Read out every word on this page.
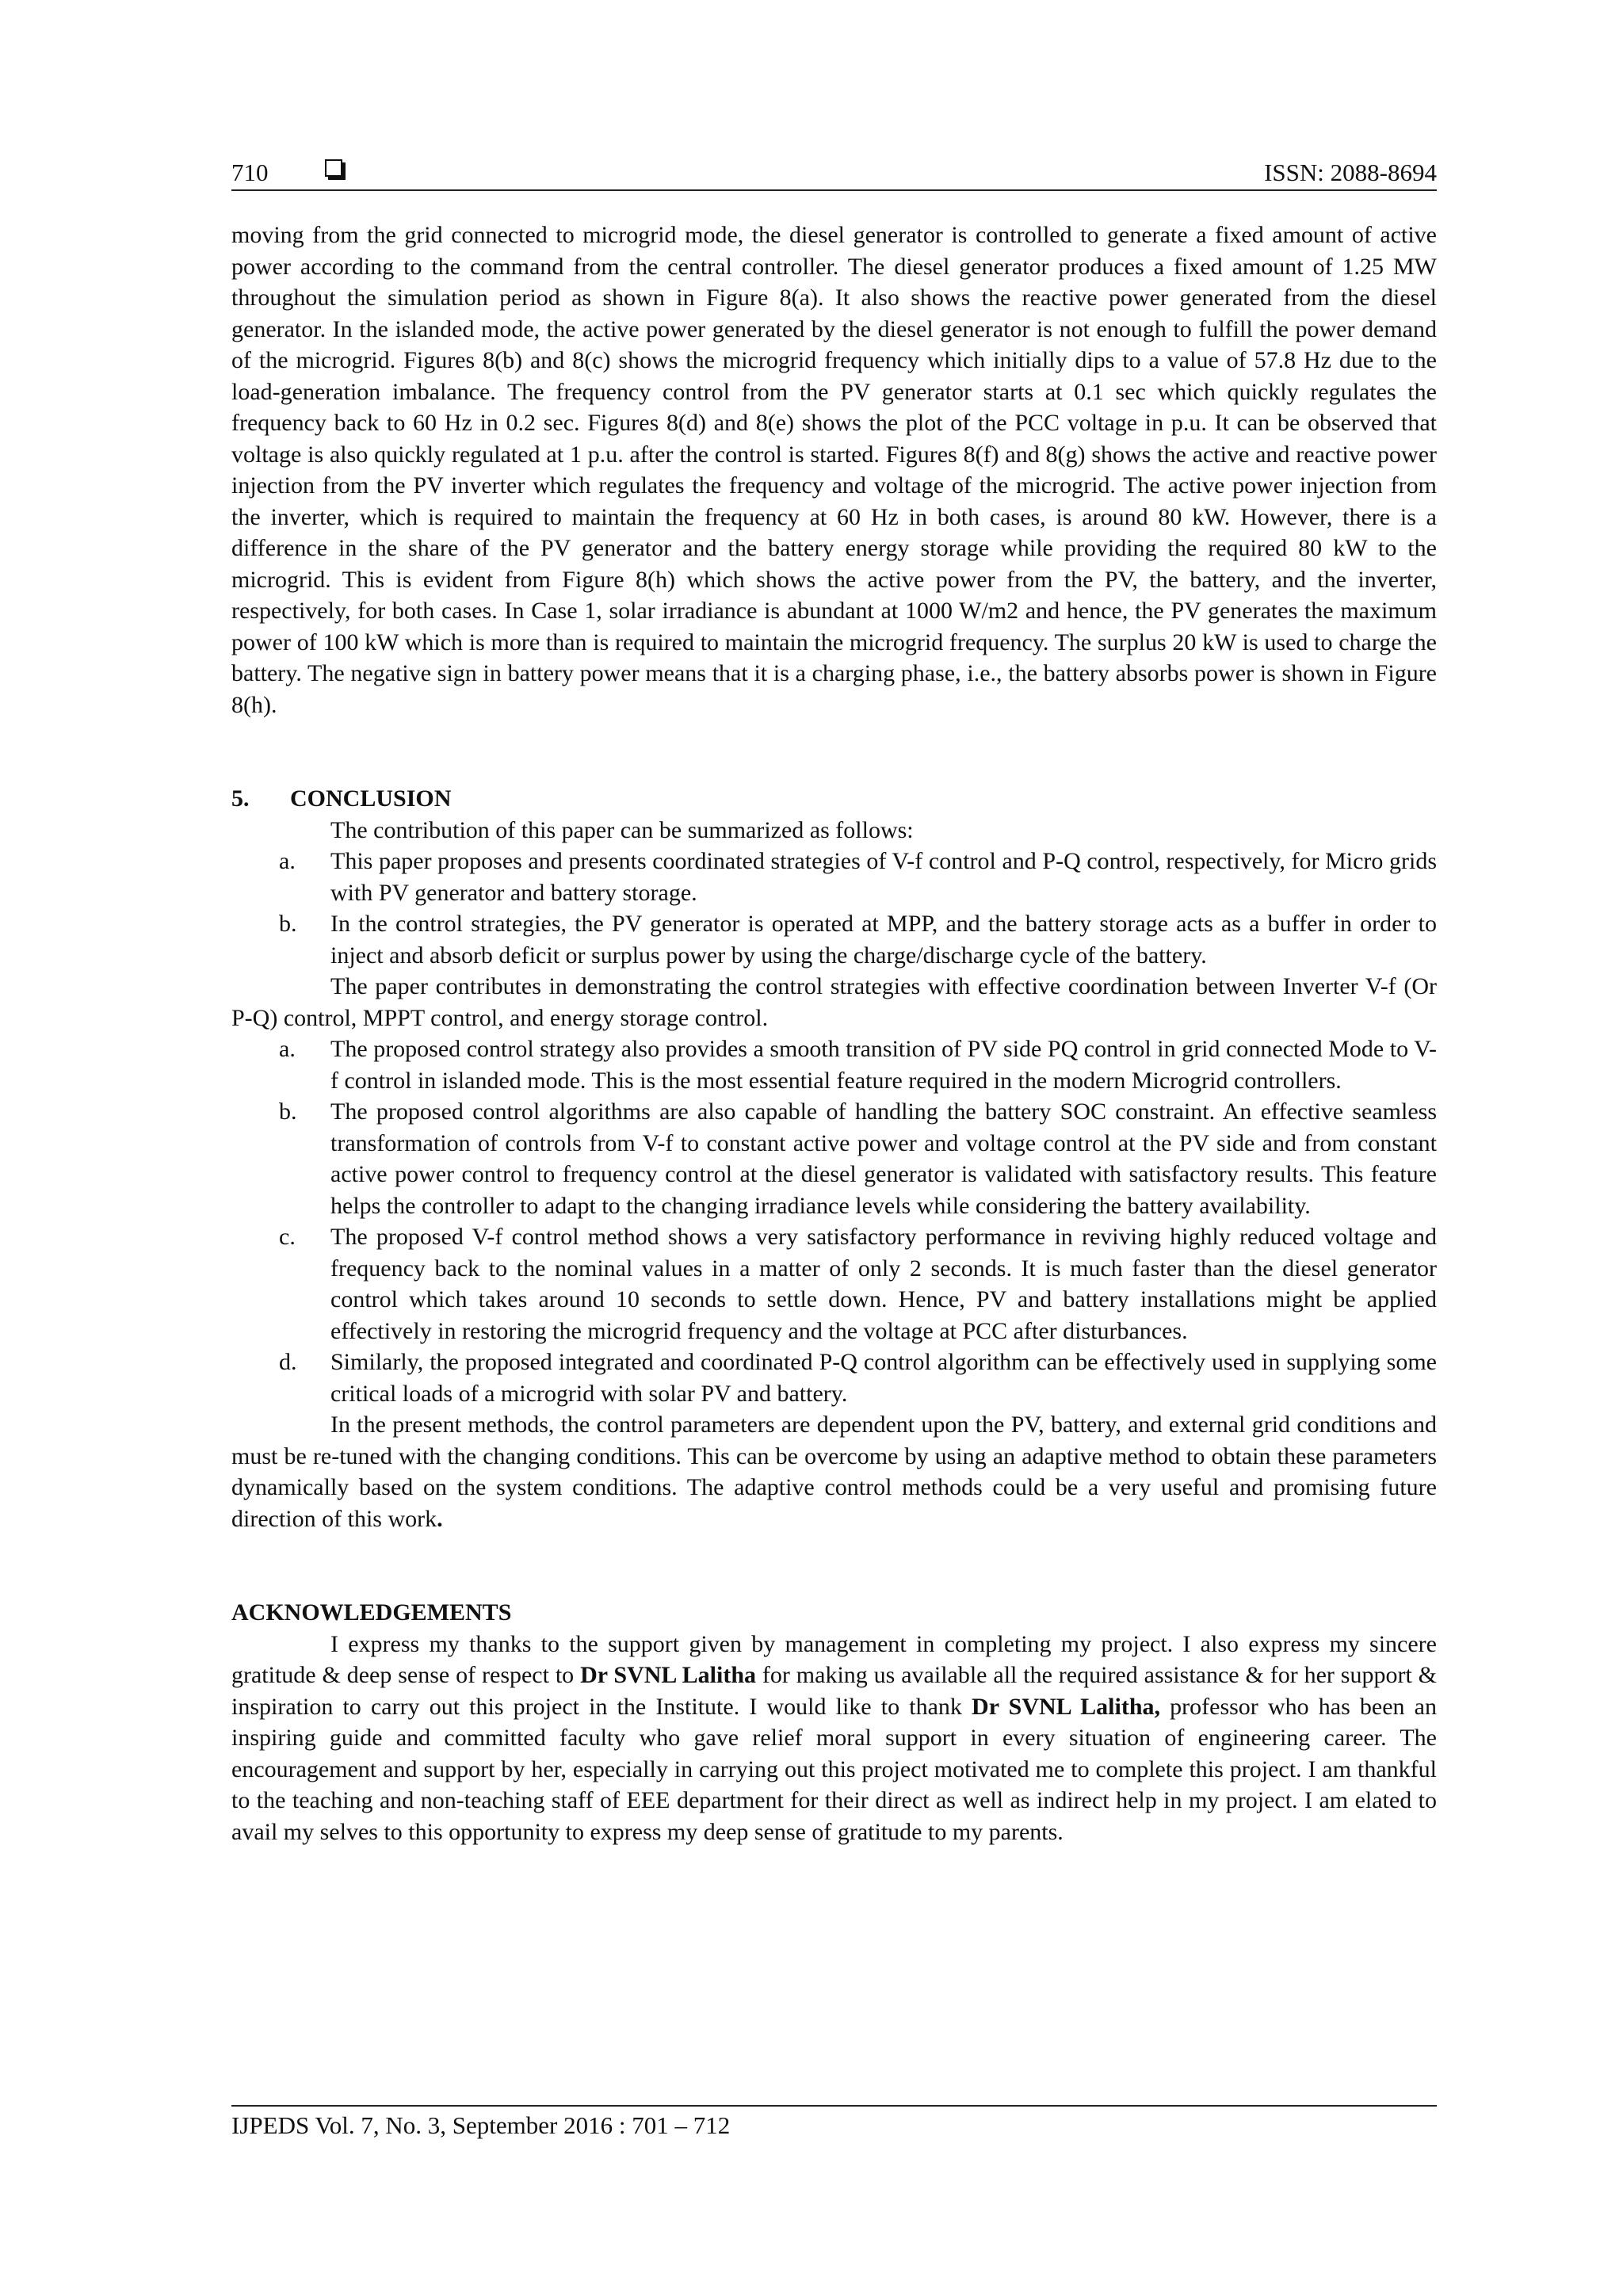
710	ISSN: 2088-8694

moving from the grid connected to microgrid mode, the diesel generator is controlled to generate a fixed amount of active power according to the command from the central controller. The diesel generator produces a fixed amount of 1.25 MW throughout the simulation period as shown in Figure 8(a). It also shows the reactive power generated from the diesel generator. In the islanded mode, the active power generated by the diesel generator is not enough to fulfill the power demand of the microgrid. Figures 8(b) and 8(c) shows the microgrid frequency which initially dips to a value of 57.8 Hz due to the load-generation imbalance. The frequency control from the PV generator starts at 0.1 sec which quickly regulates the frequency back to 60 Hz in 0.2 sec. Figures 8(d) and 8(e) shows the plot of the PCC voltage in p.u. It can be observed that voltage is also quickly regulated at 1 p.u. after the control is started. Figures 8(f) and 8(g) shows the active and reactive power injection from the PV inverter which regulates the frequency and voltage of the microgrid. The active power injection from the inverter, which is required to maintain the frequency at 60 Hz in both cases, is around 80 kW. However, there is a difference in the share of the PV generator and the battery energy storage while providing the required 80 kW to the microgrid. This is evident from Figure 8(h) which shows the active power from the PV, the battery, and the inverter, respectively, for both cases. In Case 1, solar irradiance is abundant at 1000 W/m2 and hence, the PV generates the maximum power of 100 kW which is more than is required to maintain the microgrid frequency. The surplus 20 kW is used to charge the battery. The negative sign in battery power means that it is a charging phase, i.e., the battery absorbs power is shown in Figure 8(h).

5. CONCLUSION

The contribution of this paper can be summarized as follows:

a. This paper proposes and presents coordinated strategies of V-f control and P-Q control, respectively, for Micro grids with PV generator and battery storage.
b. In the control strategies, the PV generator is operated at MPP, and the battery storage acts as a buffer in order to inject and absorb deficit or surplus power by using the charge/discharge cycle of the battery.

The paper contributes in demonstrating the control strategies with effective coordination between Inverter V-f (Or P-Q) control, MPPT control, and energy storage control.

a. The proposed control strategy also provides a smooth transition of PV side PQ control in grid connected Mode to V-f control in islanded mode. This is the most essential feature required in the modern Microgrid controllers.
b. The proposed control algorithms are also capable of handling the battery SOC constraint. An effective seamless transformation of controls from V-f to constant active power and voltage control at the PV side and from constant active power control to frequency control at the diesel generator is validated with satisfactory results. This feature helps the controller to adapt to the changing irradiance levels while considering the battery availability.
c. The proposed V-f control method shows a very satisfactory performance in reviving highly reduced voltage and frequency back to the nominal values in a matter of only 2 seconds. It is much faster than the diesel generator control which takes around 10 seconds to settle down. Hence, PV and battery installations might be applied effectively in restoring the microgrid frequency and the voltage at PCC after disturbances.
d. Similarly, the proposed integrated and coordinated P-Q control algorithm can be effectively used in supplying some critical loads of a microgrid with solar PV and battery.

In the present methods, the control parameters are dependent upon the PV, battery, and external grid conditions and must be re-tuned with the changing conditions. This can be overcome by using an adaptive method to obtain these parameters dynamically based on the system conditions. The adaptive control methods could be a very useful and promising future direction of this work.

ACKNOWLEDGEMENTS

I express my thanks to the support given by management in completing my project. I also express my sincere gratitude & deep sense of respect to Dr SVNL Lalitha for making us available all the required assistance & for her support & inspiration to carry out this project in the Institute. I would like to thank Dr SVNL Lalitha, professor who has been an inspiring guide and committed faculty who gave relief moral support in every situation of engineering career. The encouragement and support by her, especially in carrying out this project motivated me to complete this project. I am thankful to the teaching and non-teaching staff of EEE department for their direct as well as indirect help in my project. I am elated to avail my selves to this opportunity to express my deep sense of gratitude to my parents.

IJPEDS Vol. 7, No. 3, September 2016 : 701 – 712
